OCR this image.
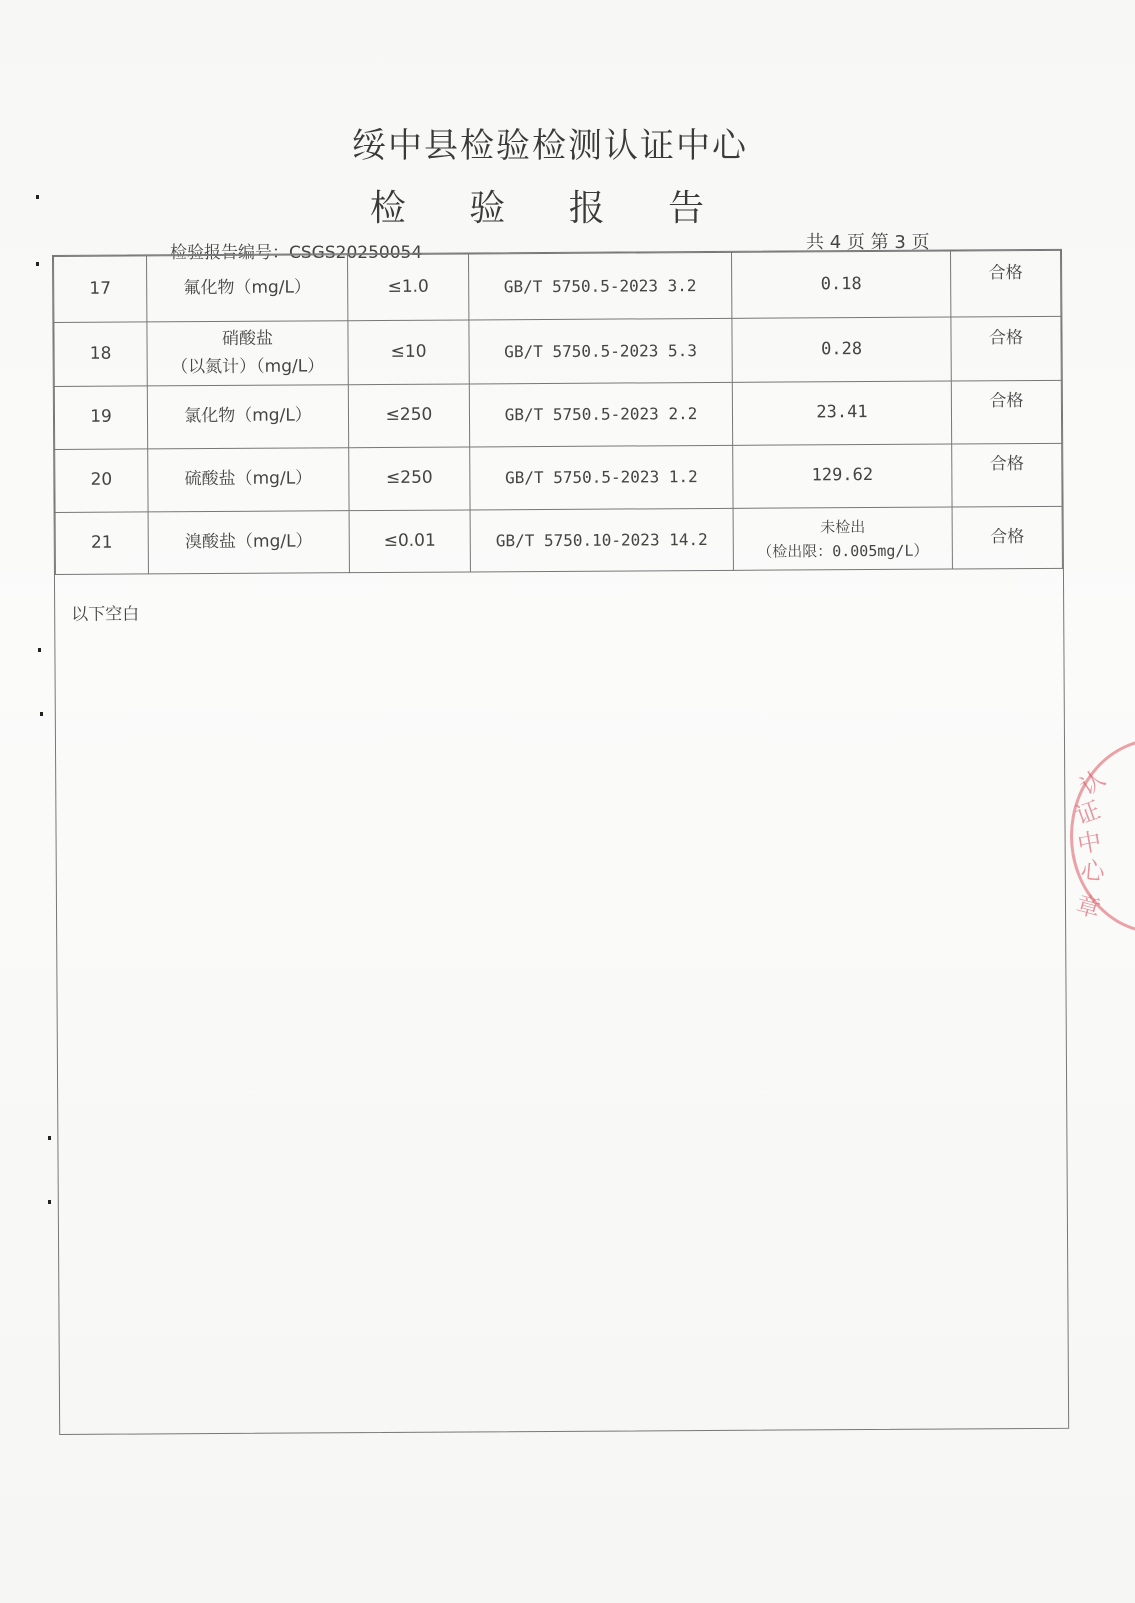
绥中县检验检测认证中心
检 验 报 告
检验报告编号：CSGS20250054	共 4 页 第 3 页
17	氟化物（mg/L）	≤1.0	GB/T 5750.5-2023 3.2	0.18	合格
18	硝酸盐
（以氮计）（mg/L）	≤10	GB/T 5750.5-2023 5.3	0.28	合格
19	氯化物（mg/L）	≤250	GB/T 5750.5-2023 2.2	23.41	合格
20	硫酸盐（mg/L）	≤250	GB/T 5750.5-2023 1.2	129.62	合格
21	溴酸盐（mg/L）	≤0.01	GB/T 5750.10-2023 14.2	未检出
（检出限：0.005mg/L）	合格
以下空白
认
证
中
心
章
